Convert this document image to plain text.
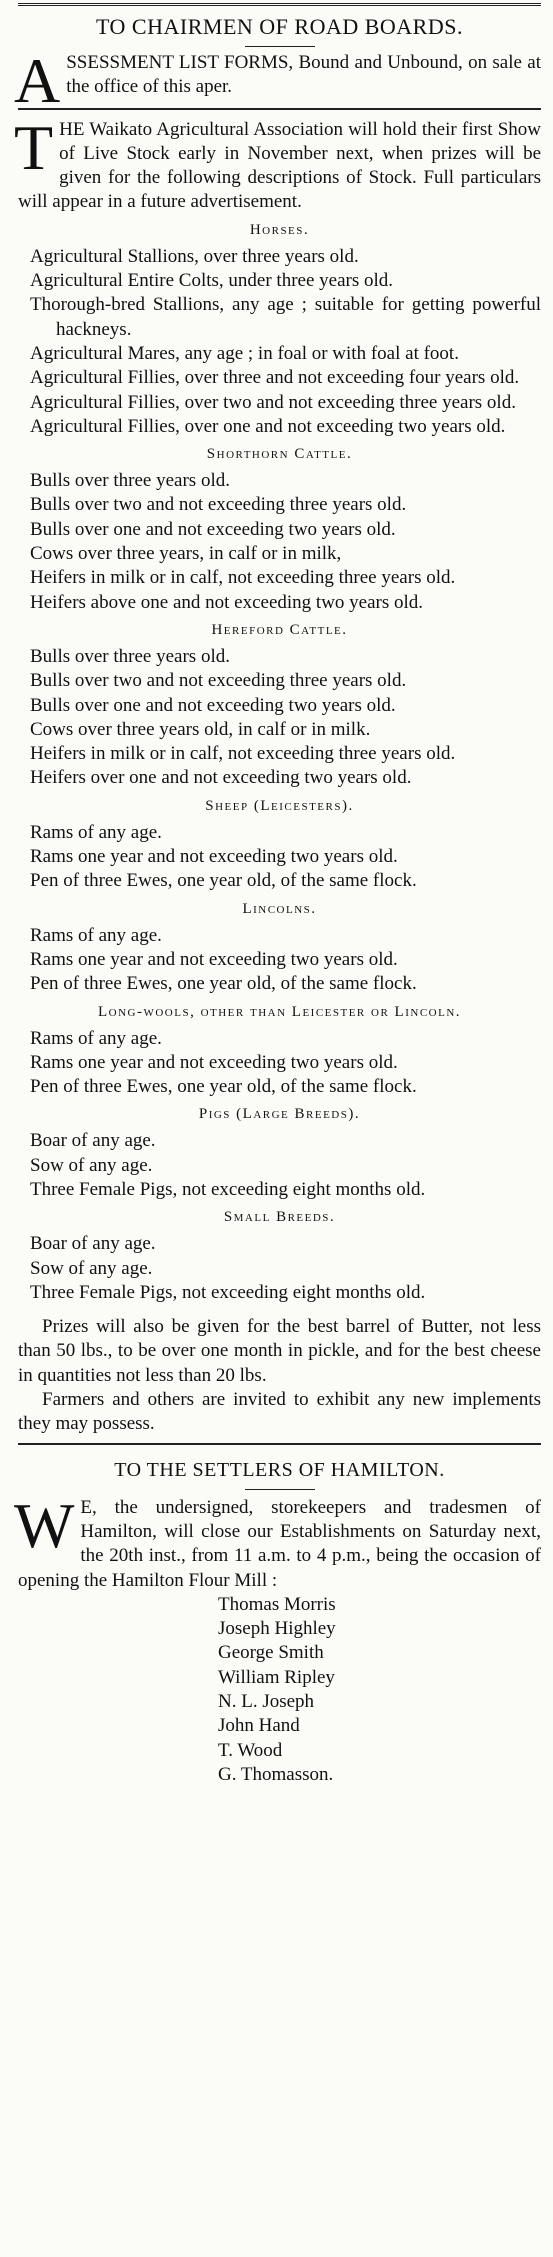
TO CHAIRMEN OF ROAD BOARDS.
A SSESSMENT LIST FORMS, Bound and Unbound, on sale at the office of this aper.
T HE Waikato Agricultural Association will hold their first Show of Live Stock early in November next, when prizes will be given for the following descriptions of Stock. Full particulars will appear in a future advertisement.
Horses.
Agricultural Stallions, over three years old.
Agricultural Entire Colts, under three years old.
Thorough-bred Stallions, any age ; suitable for getting powerful hackneys.
Agricultural Mares, any age ; in foal or with foal at foot.
Agricultural Fillies, over three and not exceeding four years old.
Agricultural Fillies, over two and not exceeding three years old.
Agricultural Fillies, over one and not exceeding two years old.
Shorthorn Cattle.
Bulls over three years old.
Bulls over two and not exceeding three years old.
Bulls over one and not exceeding two years old.
Cows over three years, in calf or in milk,
Heifers in milk or in calf, not exceeding three years old.
Heifers above one and not exceeding two years old.
Hereford Cattle.
Bulls over three years old.
Bulls over two and not exceeding three years old.
Bulls over one and not exceeding two years old.
Cows over three years old, in calf or in milk.
Heifers in milk or in calf, not exceeding three years old.
Heifers over one and not exceeding two years old.
Sheep (Leicesters).
Rams of any age.
Rams one year and not exceeding two years old.
Pen of three Ewes, one year old, of the same flock.
Lincolns.
Rams of any age.
Rams one year and not exceeding two years old.
Pen of three Ewes, one year old, of the same flock.
Long-wools, other than Leicester or Lincoln.
Rams of any age.
Rams one year and not exceeding two years old.
Pen of three Ewes, one year old, of the same flock.
Pigs (Large Breeds).
Boar of any age.
Sow of any age.
Three Female Pigs, not exceeding eight months old.
Small Breeds.
Boar of any age.
Sow of any age.
Three Female Pigs, not exceeding eight months old.
Prizes will also be given for the best barrel of Butter, not less than 50 lbs., to be over one month in pickle, and for the best cheese in quantities not less than 20 lbs.
Farmers and others are invited to exhibit any new implements they may possess.
TO THE SETTLERS OF HAMILTON.
W E, the undersigned, storekeepers and tradesmen of Hamilton, will close our Establishments on Saturday next, the 20th inst., from 11 a.m. to 4 p.m., being the occasion of opening the Hamilton Flour Mill :
Thomas Morris
Joseph Highley
George Smith
William Ripley
N. L. Joseph
John Hand
T. Wood
G. Thomasson.
